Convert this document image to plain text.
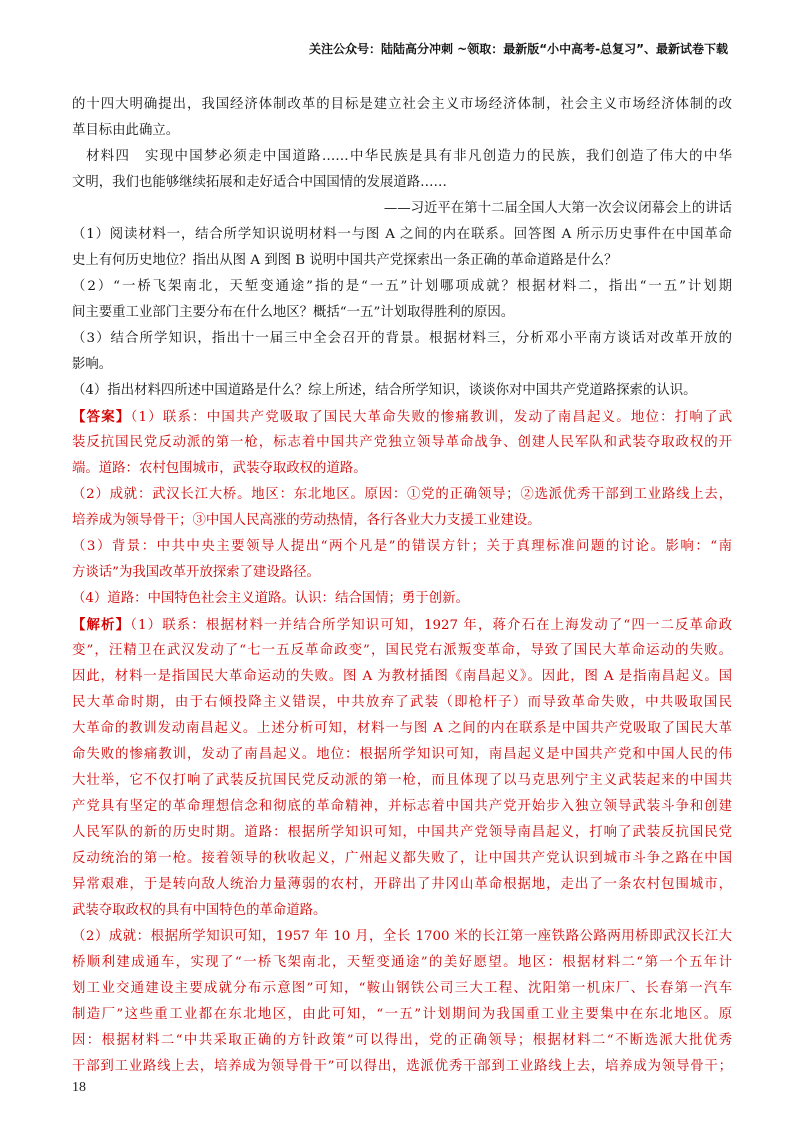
关注公众号：陆陆高分冲刺 ~领取：最新版“小中高考-总复习”、最新试卷下载
的十四大明确提出，我国经济体制改革的目标是建立社会主义市场经济体制，社会主义市场经济体制的改
革目标由此确立。
材料四　实现中国梦必须走中国道路……中华民族是具有非凡创造力的民族，我们创造了伟大的中华
文明，我们也能够继续拓展和走好适合中国国情的发展道路……
——习近平在第十二届全国人大第一次会议闭幕会上的讲话
（1）阅读材料一，结合所学知识说明材料一与图 A 之间的内在联系。回答图 A 所示历史事件在中国革命
史上有何历史地位？指出从图 A 到图 B 说明中国共产党探索出一条正确的革命道路是什么？
（2）“一桥飞架南北，天堑变通途”指的是“一五”计划哪项成就？根据材料二，指出“一五”计划期
间主要重工业部门主要分布在什么地区？概括“一五”计划取得胜利的原因。
（3）结合所学知识，指出十一届三中全会召开的背景。根据材料三，分析邓小平南方谈话对改革开放的
影响。
（4）指出材料四所述中国道路是什么？综上所述，结合所学知识，谈谈你对中国共产党道路探索的认识。
【答案】（1）联系：中国共产党吸取了国民大革命失败的惨痛教训，发动了南昌起义。地位：打响了武
装反抗国民党反动派的第一枪，标志着中国共产党独立领导革命战争、创建人民军队和武装夺取政权的开
端。道路：农村包围城市，武装夺取政权的道路。
（2）成就：武汉长江大桥。地区：东北地区。原因：①党的正确领导；②选派优秀干部到工业路线上去，
培养成为领导骨干；③中国人民高涨的劳动热情，各行各业大力支援工业建设。
（3）背景：中共中央主要领导人提出“两个凡是”的错误方针；关于真理标准问题的讨论。影响：“南
方谈话”为我国改革开放探索了建设路径。
（4）道路：中国特色社会主义道路。认识：结合国情；勇于创新。
【解析】（1）联系：根据材料一并结合所学知识可知，1927 年，蒋介石在上海发动了“四一二反革命政
变”，汪精卫在武汉发动了“七一五反革命政变”，国民党右派叛变革命，导致了国民大革命运动的失败。
因此，材料一是指国民大革命运动的失败。图 A 为教材插图《南昌起义》。因此，图 A 是指南昌起义。国
民大革命时期，由于右倾投降主义错误，中共放弃了武装（即枪杆子）而导致革命失败，中共吸取国民
大革命的教训发动南昌起义。上述分析可知，材料一与图 A 之间的内在联系是中国共产党吸取了国民大革
命失败的惨痛教训，发动了南昌起义。地位：根据所学知识可知，南昌起义是中国共产党和中国人民的伟
大壮举，它不仅打响了武装反抗国民党反动派的第一枪，而且体现了以马克思列宁主义武装起来的中国共
产党具有坚定的革命理想信念和彻底的革命精神，并标志着中国共产党开始步入独立领导武装斗争和创建
人民军队的新的历史时期。道路：根据所学知识可知，中国共产党领导南昌起义，打响了武装反抗国民党
反动统治的第一枪。接着领导的秋收起义，广州起义都失败了，让中国共产党认识到城市斗争之路在中国
异常艰难，于是转向敌人统治力量薄弱的农村，开辟出了井冈山革命根据地，走出了一条农村包围城市，
武装夺取政权的具有中国特色的革命道路。
（2）成就：根据所学知识可知，1957 年 10 月，全长 1700 米的长江第一座铁路公路两用桥即武汉长江大
桥顺利建成通车，实现了“一桥飞架南北，天堑变通途”的美好愿望。地区：根据材料二“第一个五年计
划工业交通建设主要成就分布示意图”可知，“鞍山钢铁公司三大工程、沈阳第一机床厂、长春第一汽车
制造厂”这些重工业都在东北地区，由此可知，“一五”计划期间为我国重工业主要集中在东北地区。原
因：根据材料二“中共采取正确的方针政策”可以得出，党的正确领导；根据材料二“不断选派大批优秀
干部到工业路线上去，培养成为领导骨干”可以得出，选派优秀干部到工业路线上去，培养成为领导骨干；
18
